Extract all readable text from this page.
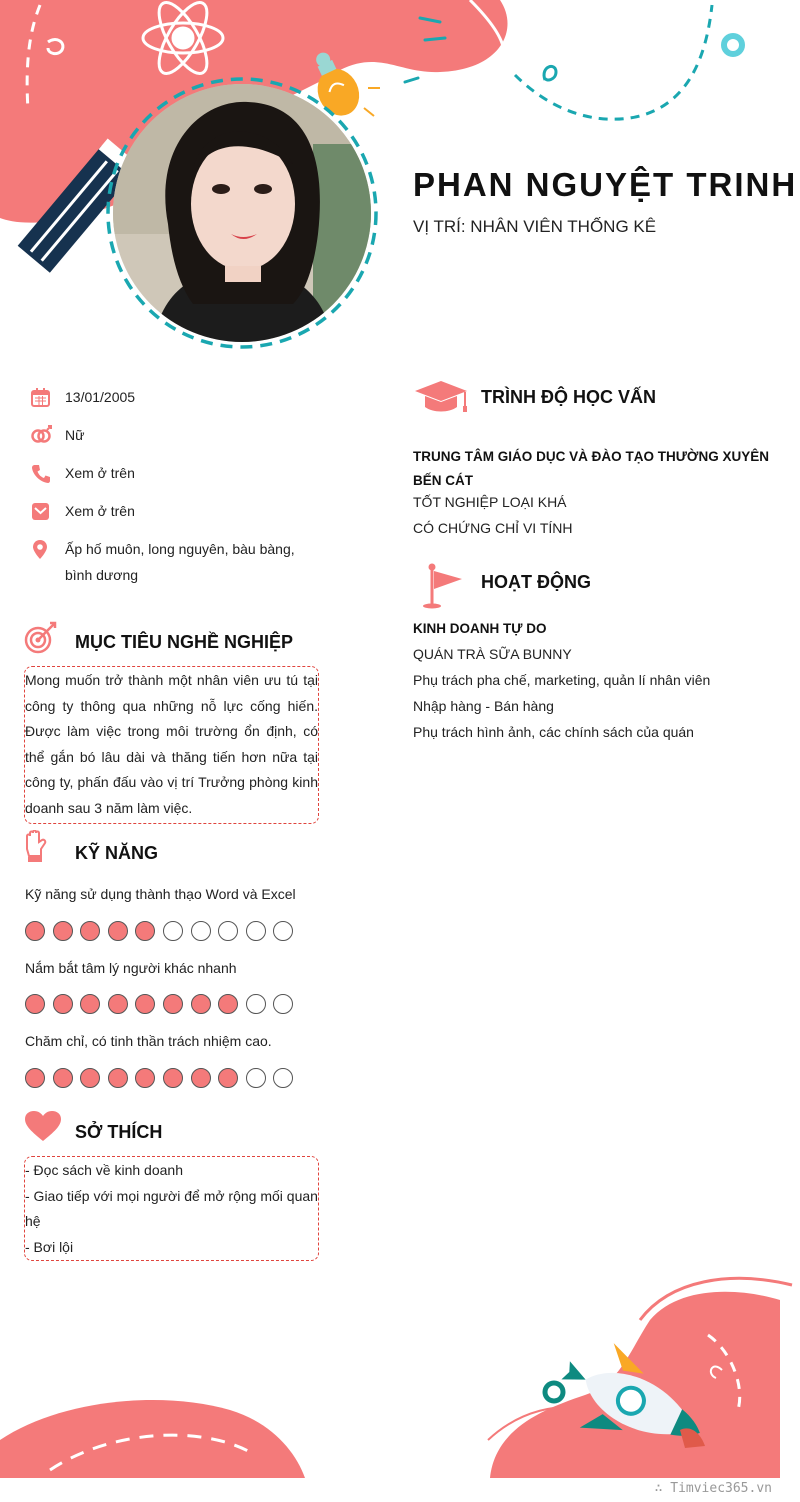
PHAN NGUYỆT TRINH
VỊ TRÍ: NHÂN VIÊN THỐNG KÊ
13/01/2005
Nữ
Xem ở trên
Xem ở trên
Ấp hố muôn, long nguyên, bàu bàng, bình dương
MỤC TIÊU NGHỀ NGHIỆP
Mong muốn trở thành một nhân viên ưu tú tại công ty thông qua những nỗ lực cống hiến. Được làm việc trong môi trường ổn định, có thể gắn bó lâu dài và thăng tiến hơn nữa tại công ty, phấn đấu vào vị trí Trưởng phòng kinh doanh sau 3 năm làm việc.
KỸ NĂNG
Kỹ năng sử dụng thành thạo Word và Excel
Nắm bắt tâm lý người khác nhanh
Chăm chỉ, có tinh thần trách nhiệm cao.
SỞ THÍCH
- Đọc sách về kinh doanh
- Giao tiếp với mọi người để mở rộng mối quan hệ
- Bơi lội
TRÌNH ĐỘ HỌC VẤN
TRUNG TÂM GIÁO DỤC VÀ ĐÀO TẠO THƯỜNG XUYÊN BẾN CÁT
TỐT NGHIỆP LOẠI KHÁ
CÓ CHỨNG CHỈ VI TÍNH
HOẠT ĐỘNG
KINH DOANH TỰ DO
QUÁN TRÀ SỮA BUNNY
Phụ trách pha chế, marketing, quản lí nhân viên
Nhập hàng - Bán hàng
Phụ trách hình ảnh, các chính sách của quán
∴ Timviec365.vn
